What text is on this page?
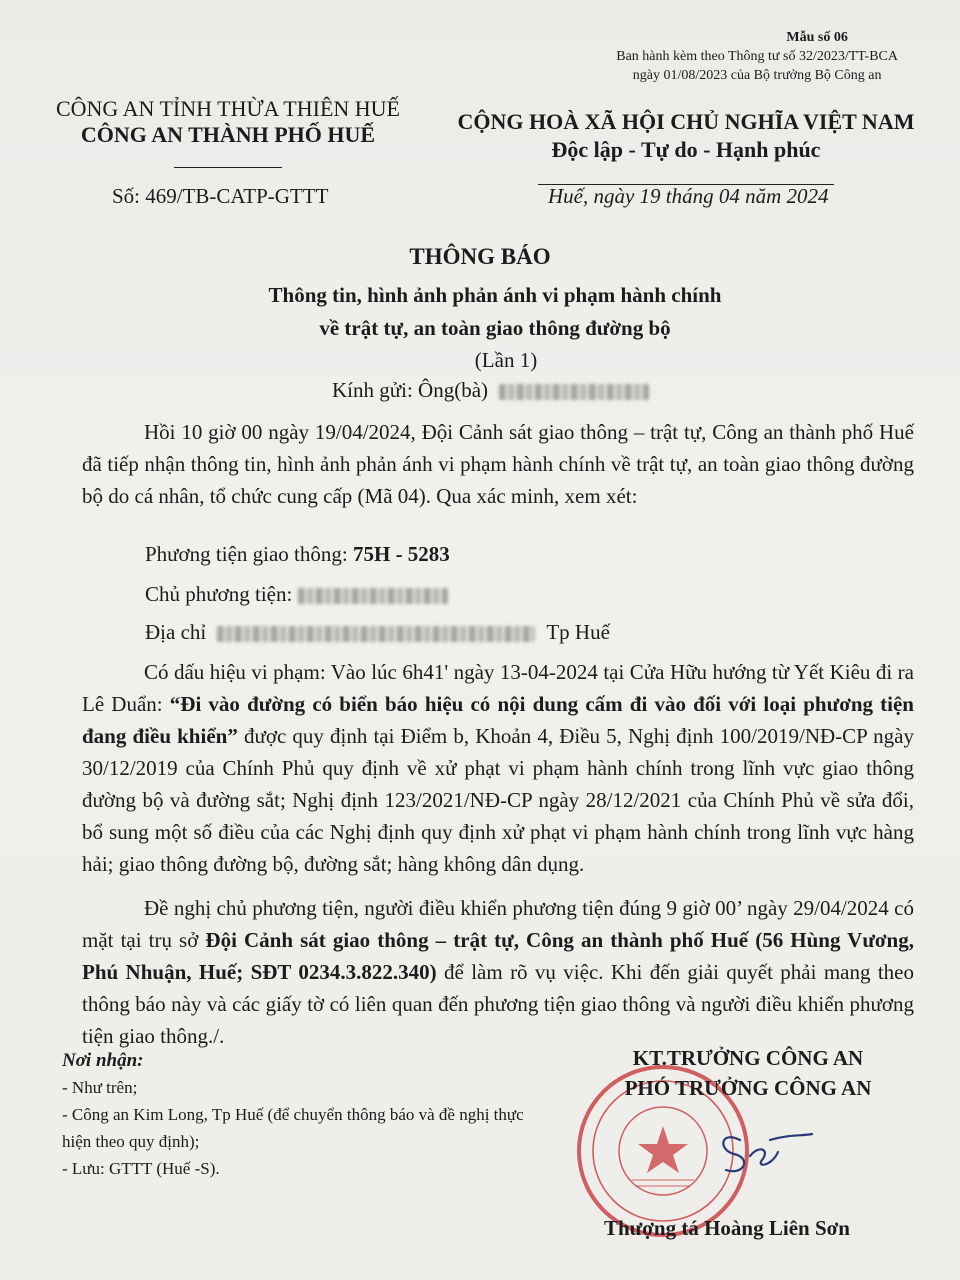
Mẫu số 06
Ban hành kèm theo Thông tư số 32/2023/TT-BCA
ngày 01/08/2023 của Bộ trưởng Bộ Công an
CÔNG AN TỈNH THỪA THIÊN HUẾ
CÔNG AN THÀNH PHỐ HUẾ
CỘNG HOÀ XÃ HỘI CHỦ NGHĨA VIỆT NAM
Độc lập - Tự do - Hạnh phúc
Số: 469/TB-CATP-GTTT	Huế, ngày 19 tháng 04 năm 2024
THÔNG BÁO
Thông tin, hình ảnh phản ánh vi phạm hành chính
về trật tự, an toàn giao thông đường bộ
(Lần 1)
Kính gửi: Ông(bà)
Hồi 10 giờ 00 ngày 19/04/2024, Đội Cảnh sát giao thông – trật tự, Công an thành phố Huế đã tiếp nhận thông tin, hình ảnh phản ánh vi phạm hành chính về trật tự, an toàn giao thông đường bộ do cá nhân, tổ chức cung cấp (Mã 04). Qua xác minh, xem xét:
Phương tiện giao thông: 75H - 5283
Chủ phương tiện:
Địa chỉ	Tp Huế
Có dấu hiệu vi phạm: Vào lúc 6h41' ngày 13-04-2024 tại Cửa Hữu hướng từ Yết Kiêu đi ra Lê Duẩn: “Đi vào đường có biển báo hiệu có nội dung cấm đi vào đối với loại phương tiện đang điều khiển” được quy định tại Điểm b, Khoản 4, Điều 5, Nghị định 100/2019/NĐ-CP ngày 30/12/2019 của Chính Phủ quy định về xử phạt vi phạm hành chính trong lĩnh vực giao thông đường bộ và đường sắt; Nghị định 123/2021/NĐ-CP ngày 28/12/2021 của Chính Phủ về sửa đổi, bổ sung một số điều của các Nghị định quy định xử phạt vi phạm hành chính trong lĩnh vực hàng hải; giao thông đường bộ, đường sắt; hàng không dân dụng.
Đề nghị chủ phương tiện, người điều khiển phương tiện đúng 9 giờ 00’ ngày 29/04/2024 có mặt tại trụ sở Đội Cảnh sát giao thông – trật tự, Công an thành phố Huế (56 Hùng Vương, Phú Nhuận, Huế; SĐT 0234.3.822.340) để làm rõ vụ việc. Khi đến giải quyết phải mang theo thông báo này và các giấy tờ có liên quan đến phương tiện giao thông và người điều khiển phương tiện giao thông./.
Nơi nhận:
- Như trên;
- Công an Kim Long, Tp Huế (để chuyển thông báo và đề nghị thực hiện theo quy định);
- Lưu: GTTT (Huế -S).
KT.TRƯỞNG CÔNG AN
PHÓ TRƯỞNG CÔNG AN
Thượng tá Hoàng Liên Sơn
